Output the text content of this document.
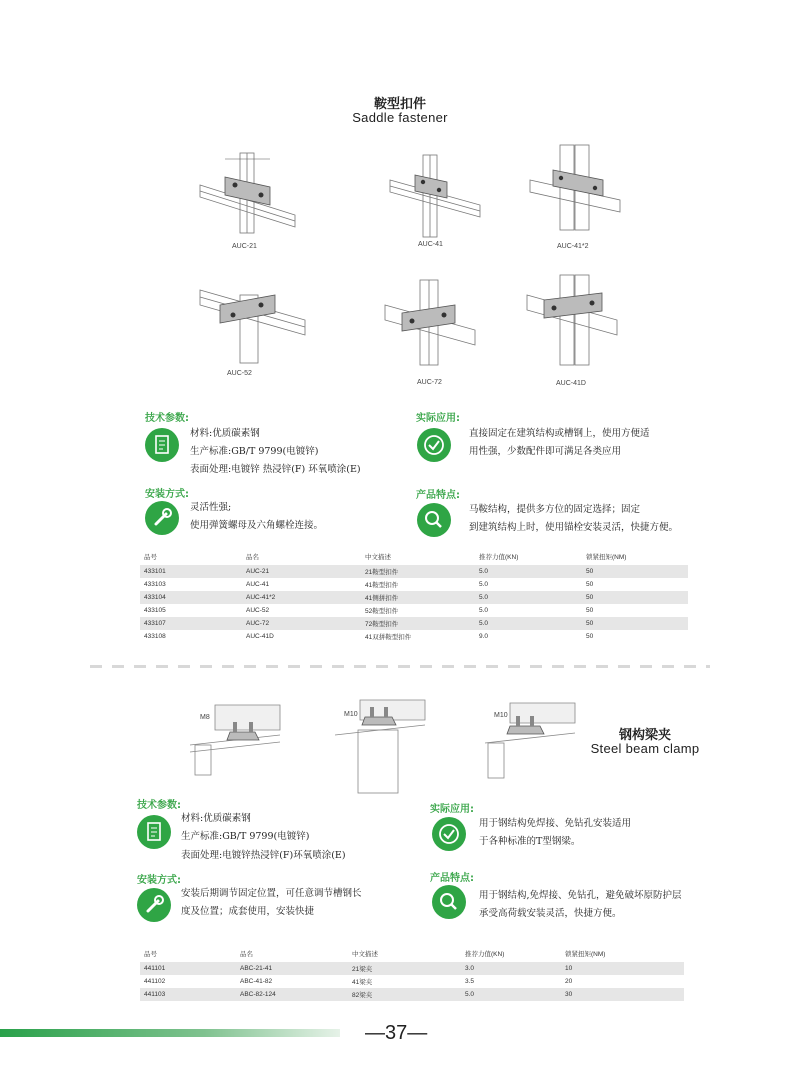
鞍型扣件
Saddle fastener
AUC-21	AUC-41	AUC-41*2
AUC-52
AUC-72	AUC-41D
技术参数:
材料:优质碳素钢
生产标准:GB/T 9799(电镀锌)
表面处理:电镀锌 热浸锌(F) 环氧喷涂(E)
实际应用:
直接固定在建筑结构或槽钢上，使用方便适
用性强，少数配件即可满足各类应用
安装方式:
灵活性强;
使用弹簧螺母及六角螺栓连接。
产品特点:
马鞍结构，提供多方位的固定选择；固定
到建筑结构上时，使用锚栓安装灵活，快捷方便。
品号	品名	中文描述	推荐力值(KN)	锁紧扭矩(NM)
433101	AUC-21	21鞍型扣件	5.0	50
433103	AUC-41	41鞍型扣件	5.0	50
433104	AUC-41*2	41侧拼扣件	5.0	50
433105	AUC-52	52鞍型扣件	5.0	50
433107	AUC-72	72鞍型扣件	5.0	50
433108	AUC-41D	41双拼鞍型扣件	9.0	50
M8	M10	M10
钢构梁夹
Steel beam clamp
技术参数:
材料:优质碳素钢
生产标准:GB/T 9799(电镀锌)
表面处理:电镀锌热浸锌(F)环氧喷涂(E)
实际应用:
用于钢结构免焊接、免钻孔安装适用
于各种标准的T型钢梁。
安装方式:
安装后期调节固定位置，可任意调节槽钢长
度及位置；成套使用，安装快捷
产品特点:
用于钢结构,免焊接、免钻孔，避免破坏原防护层
承受高荷载安装灵活，快捷方便。
品号	品名	中文描述	推荐力值(KN)	锁紧扭矩(NM)
441101	ABC-21-41	21梁夹	3.0	10
441102	ABC-41-82	41梁夹	3.5	20
441103	ABC-82-124	82梁夹	5.0	30
—37—
